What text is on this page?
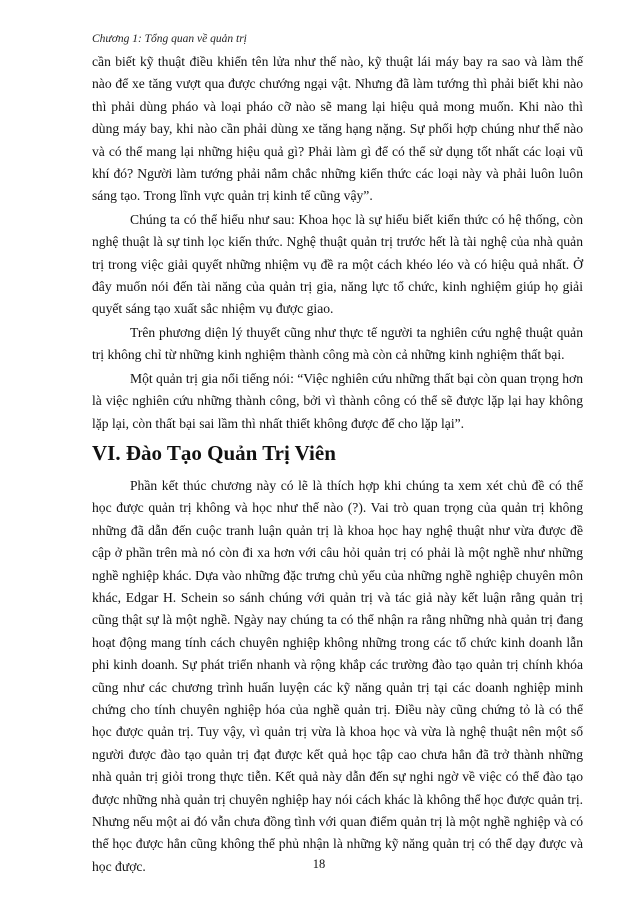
Chương 1: Tổng quan về quản trị

cần biết kỹ thuật điều khiển tên lửa như thế nào, kỹ thuật lái máy bay ra sao và làm thế nào để xe tăng vượt qua được chướng ngại vật. Nhưng đã làm tướng thì phải biết khi nào thì phải dùng pháo và loại pháo cỡ nào sẽ mang lại hiệu quả mong muốn. Khi nào thì dùng máy bay, khi nào cần phải dùng xe tăng hạng nặng. Sự phối hợp chúng như thế nào và có thể mang lại những hiệu quả gì? Phải làm gì để có thể sử dụng tốt nhất các loại vũ khí đó? Người làm tướng phải nắm chắc những kiến thức các loại này và phải luôn luôn sáng tạo. Trong lĩnh vực quản trị kinh tế cũng vậy”.

Chúng ta có thể hiểu như sau: Khoa học là sự hiểu biết kiến thức có hệ thống, còn nghệ thuật là sự tinh lọc kiến thức. Nghệ thuật quản trị trước hết là tài nghệ của nhà quản trị trong việc giải quyết những nhiệm vụ đề ra một cách khéo léo và có hiệu quả nhất. Ở đây muốn nói đến tài năng của quản trị gia, năng lực tổ chức, kinh nghiệm giúp họ giải quyết sáng tạo xuất sắc nhiệm vụ được giao.

Trên phương diện lý thuyết cũng như thực tế người ta nghiên cứu nghệ thuật quản trị không chỉ từ những kinh nghiệm thành công mà còn cả những kinh nghiệm thất bại.

Một quản trị gia nổi tiếng nói: “Việc nghiên cứu những thất bại còn quan trọng hơn là việc nghiên cứu những thành công, bởi vì thành công có thể sẽ được lặp lại hay không lặp lại, còn thất bại sai lầm thì nhất thiết không được để cho lặp lại”.

VI. Đào Tạo Quản Trị Viên

Phần kết thúc chương này có lẽ là thích hợp khi chúng ta xem xét chủ đề có thể học được quản trị không và học như thế nào (?). Vai trò quan trọng của quản trị không những đã dẫn đến cuộc tranh luận quản trị là khoa học hay nghệ thuật như vừa được đề cập ở phần trên mà nó còn đi xa hơn với câu hỏi quản trị có phải là một nghề như những nghề nghiệp khác. Dựa vào những đặc trưng chủ yếu của những nghề nghiệp chuyên môn khác, Edgar H. Schein so sánh chúng với quản trị và tác giả này kết luận rằng quản trị cũng thật sự là một nghề. Ngày nay chúng ta có thể nhận ra rằng những nhà quản trị đang hoạt động mang tính cách chuyên nghiệp không những trong các tổ chức kinh doanh lẫn phi kinh doanh. Sự phát triển nhanh và rộng khắp các trường đào tạo quản trị chính khóa cũng như các chương trình huấn luyện các kỹ năng quản trị tại các doanh nghiệp minh chứng cho tính chuyên nghiệp hóa của nghề quản trị. Điều này cũng chứng tỏ là có thể học được quản trị. Tuy vậy, vì quản trị vừa là khoa học và vừa là nghệ thuật nên một số người được đào tạo quản trị đạt được kết quả học tập cao chưa hẳn đã trở thành những nhà quản trị giỏi trong thực tiễn. Kết quả này dẫn đến sự nghi ngờ về việc có thể đào tạo được những nhà quản trị chuyên nghiệp hay nói cách khác là không thể học được quản trị. Nhưng nếu một ai đó vẫn chưa đồng tình với quan điểm quản trị là một nghề nghiệp và có thể học được hẳn cũng không thể phủ nhận là những kỹ năng quản trị có thể dạy được và học được.	18
